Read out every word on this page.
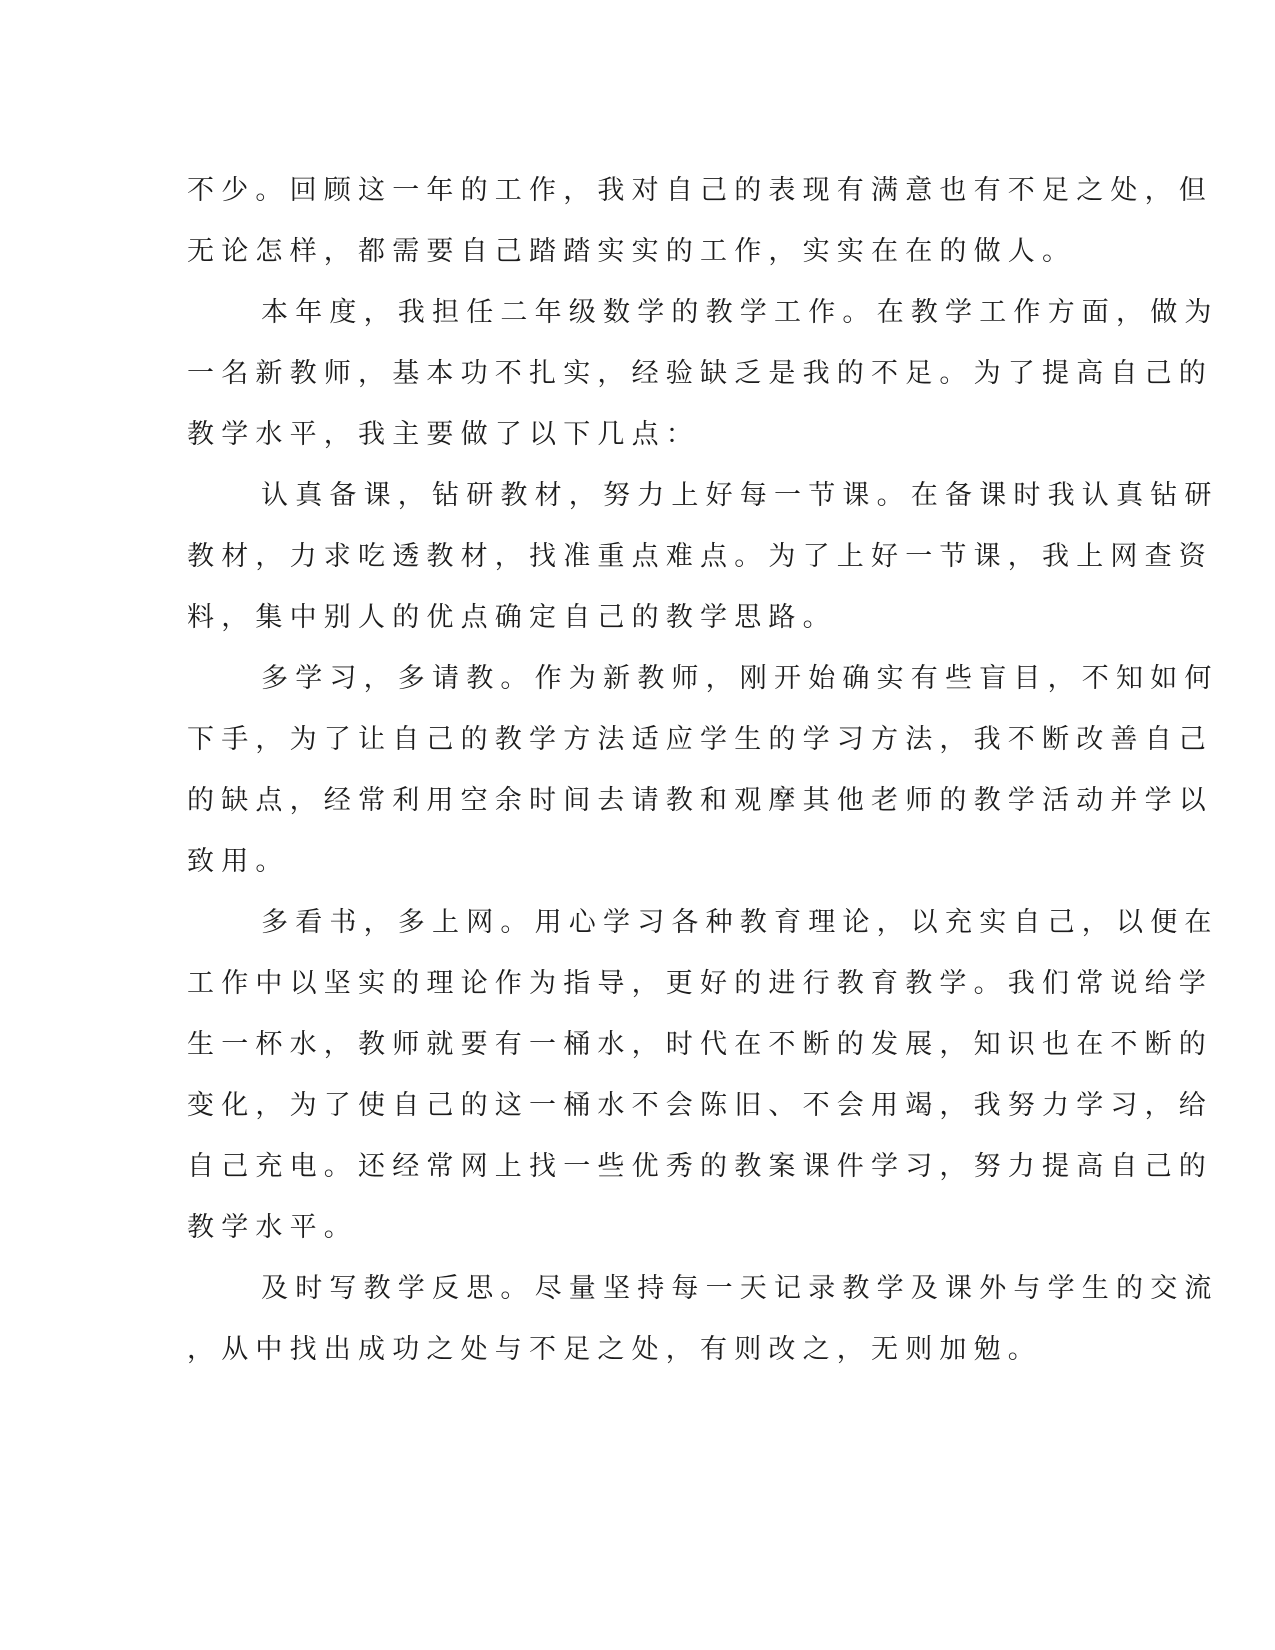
不少。回顾这一年的工作，我对自己的表现有满意也有不足之处，但
无论怎样，都需要自己踏踏实实的工作，实实在在的做人。
本年度，我担任二年级数学的教学工作。在教学工作方面，做为
一名新教师，基本功不扎实，经验缺乏是我的不足。为了提高自己的
教学水平，我主要做了以下几点：
认真备课，钻研教材，努力上好每一节课。在备课时我认真钻研
教材，力求吃透教材，找准重点难点。为了上好一节课，我上网查资
料，集中别人的优点确定自己的教学思路。
多学习，多请教。作为新教师，刚开始确实有些盲目，不知如何
下手，为了让自己的教学方法适应学生的学习方法，我不断改善自己
的缺点，经常利用空余时间去请教和观摩其他老师的教学活动并学以
致用。
多看书，多上网。用心学习各种教育理论，以充实自己，以便在
工作中以坚实的理论作为指导，更好的进行教育教学。我们常说给学
生一杯水，教师就要有一桶水，时代在不断的发展，知识也在不断的
变化，为了使自己的这一桶水不会陈旧、不会用竭，我努力学习，给
自己充电。还经常网上找一些优秀的教案课件学习，努力提高自己的
教学水平。
及时写教学反思。尽量坚持每一天记录教学及课外与学生的交流
，从中找出成功之处与不足之处，有则改之，无则加勉。
